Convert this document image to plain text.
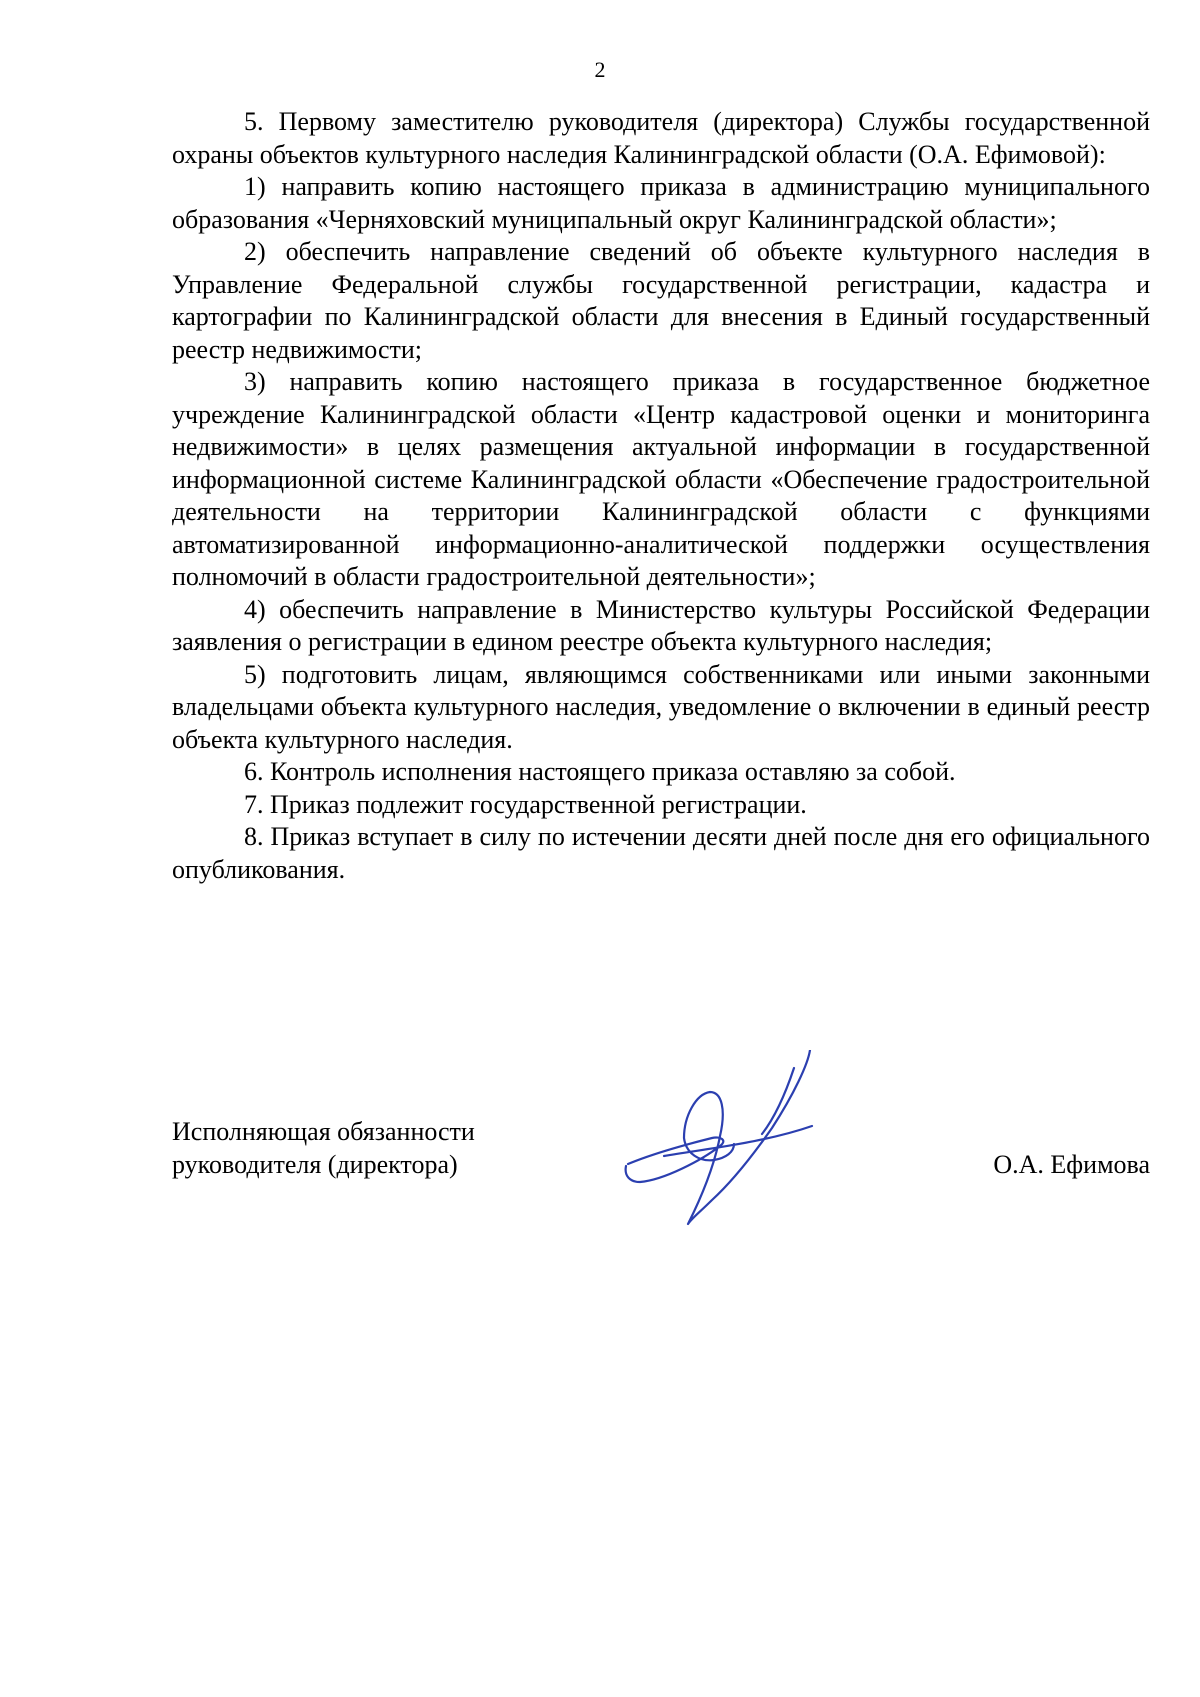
2

5. Первому заместителю руководителя (директора) Службы государственной охраны объектов культурного наследия Калининградской области (О.А. Ефимовой):

1) направить копию настоящего приказа в администрацию муниципального образования «Черняховский муниципальный округ Калининградской области»;

2) обеспечить направление сведений об объекте культурного наследия в Управление Федеральной службы государственной регистрации, кадастра и картографии по Калининградской области для внесения в Единый государственный реестр недвижимости;

3) направить копию настоящего приказа в государственное бюджетное учреждение Калининградской области «Центр кадастровой оценки и мониторинга недвижимости» в целях размещения актуальной информации в государственной информационной системе Калининградской области «Обеспечение градостроительной деятельности на территории Калининградской области с функциями автоматизированной информационно-аналитической поддержки осуществления полномочий в области градостроительной деятельности»;

4) обеспечить направление в Министерство культуры Российской Федерации заявления о регистрации в едином реестре объекта культурного наследия;

5) подготовить лицам, являющимся собственниками или иными законными владельцами объекта культурного наследия, уведомление о включении в единый реестр объекта культурного наследия.

6. Контроль исполнения настоящего приказа оставляю за собой.

7. Приказ подлежит государственной регистрации.

8. Приказ вступает в силу по истечении десяти дней после дня его официального опубликования.

Исполняющая обязанности
руководителя (директора)	О.А. Ефимова
